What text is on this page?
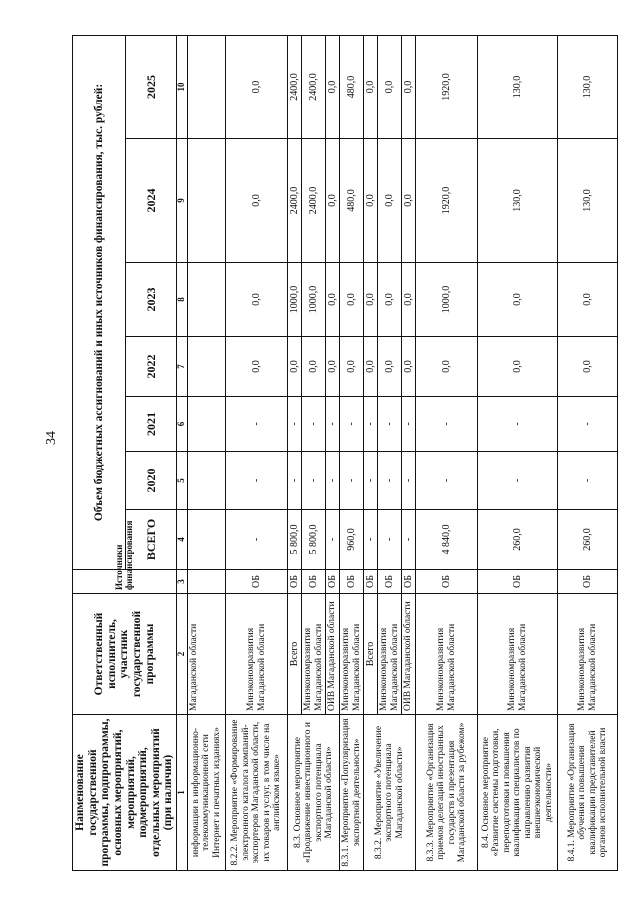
34
Наименование государственной программы, подпрограммы, основных мероприятий, мероприятий, подмероприятий, отдельных мероприятий (при наличии)	Ответственный исполнитель, участник государственной программы	Источники финансирования	Объем бюджетных ассигнований и иных источников финансирования, тыс. рублей:						
			ВСЕГО	2020	2021	2022	2023	2024	2025
1	2	3	4	5	6	7	8	9	10
информации в информационно-телекоммуникационной сети Интернет и печатных изданиях»	Магаданской области								
8.2.2. Мероприятие «Формирование электронного каталога компаний-экспортеров Магаданской области, их товаров и услуг, в том числе на английском языке»	Минэкономразвития Магаданской области	ОБ	-	-	-	0,0	0,0	0,0	0,0
8.3. Основное мероприятие «Продвижение инвестиционного и экспортного потенциала Магаданской области»	Всего	ОБ	5 800,0	-	-	0,0	1000,0	2400,0	2400,0
	Минэкономразвития Магаданской области	ОБ	5 800,0	-	-	0,0	1000,0	2400,0	2400,0
	ОИВ Магаданской области	ОБ	-	-	-	0,0	0,0	0,0	0,0
8.3.1. Мероприятие «Популяризация экспортной деятельности»	Минэкономразвития Магаданской области	ОБ	960,0	-	-	0,0	0,0	480,0	480,0
8.3.2. Мероприятие «Увеличение экспортного потенциала Магаданской области»	Всего	ОБ	-	-	-	0,0	0,0	0,0	0,0
	Минэкономразвития Магаданской области	ОБ	-	-	-	0,0	0,0	0,0	0,0
	ОИВ Магаданской области	ОБ	-	-	-	0,0	0,0	0,0	0,0
8.3.3. Мероприятие «Организация приемов делегаций иностранных государств и презентация Магаданской области за рубежом»	Минэкономразвития Магаданской области	ОБ	4 840,0	-	-	0,0	1000,0	1920,0	1920,0
8.4. Основное мероприятие «Развитие системы подготовки, переподготовки и повышения квалификации специалистов по направлению развития внешнеэкономической деятельности»	Минэкономразвития Магаданской области	ОБ	260,0	-	-	0,0	0,0	130,0	130,0
8.4.1. Мероприятие «Организация обучения и повышения квалификации представителей органов исполнительной власти	Минэкономразвития Магаданской области	ОБ	260,0	-	-	0,0	0,0	130,0	130,0
